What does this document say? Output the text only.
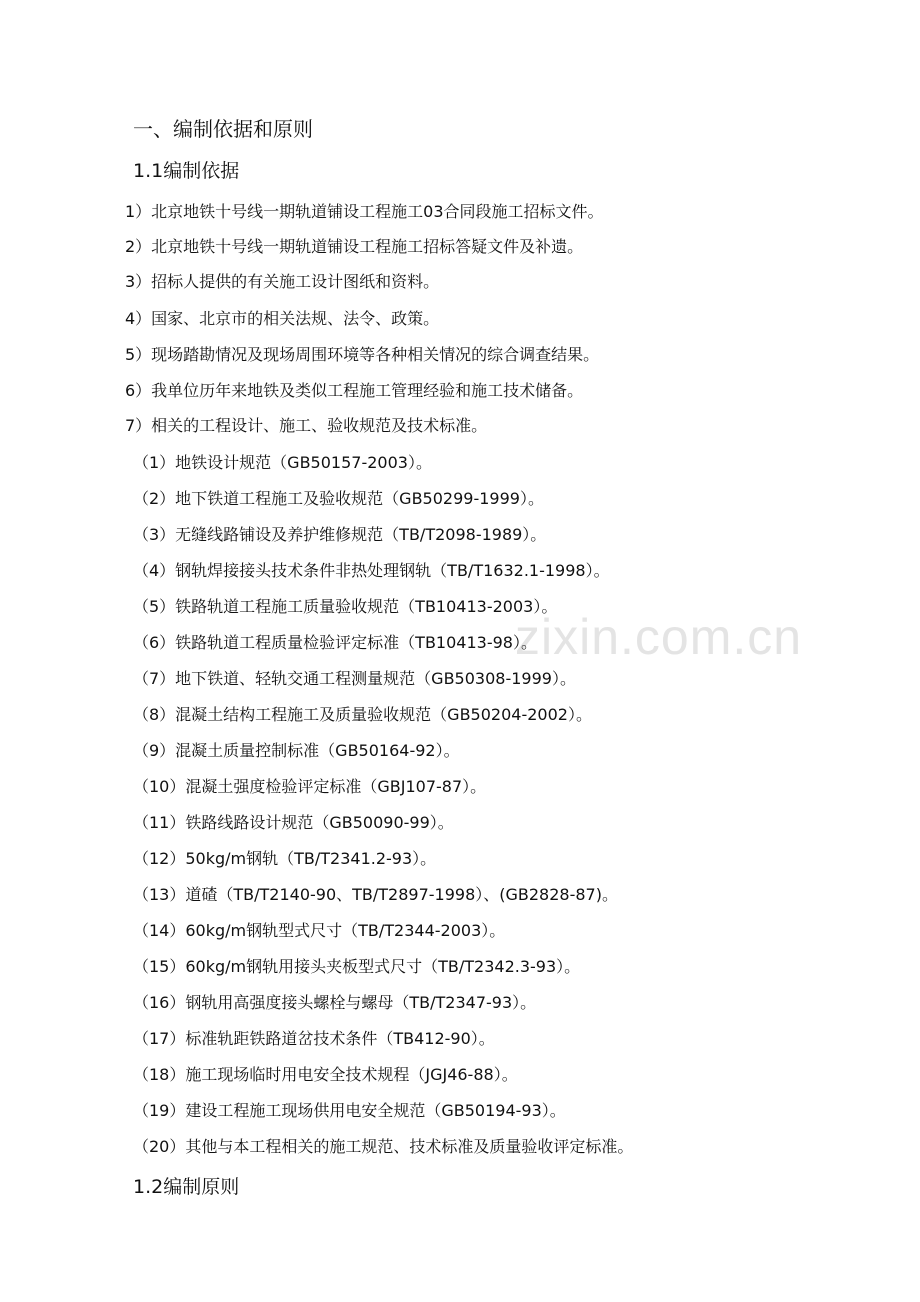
zixin.com.cn
一、编制依据和原则
1.1编制依据
1）北京地铁十号线一期轨道铺设工程施工03合同段施工招标文件。
2）北京地铁十号线一期轨道铺设工程施工招标答疑文件及补遗。
3）招标人提供的有关施工设计图纸和资料。
4）国家、北京市的相关法规、法令、政策。
5）现场踏勘情况及现场周围环境等各种相关情况的综合调查结果。
6）我单位历年来地铁及类似工程施工管理经验和施工技术储备。
7）相关的工程设计、施工、验收规范及技术标准。
（1）地铁设计规范（GB50157-2003）。
（2）地下铁道工程施工及验收规范（GB50299-1999）。
（3）无缝线路铺设及养护维修规范（TB/T2098-1989）。
（4）钢轨焊接接头技术条件非热处理钢轨（TB/T1632.1-1998）。
（5）铁路轨道工程施工质量验收规范（TB10413-2003）。
（6）铁路轨道工程质量检验评定标准（TB10413-98）。
（7）地下铁道、轻轨交通工程测量规范（GB50308-1999）。
（8）混凝土结构工程施工及质量验收规范（GB50204-2002）。
（9）混凝土质量控制标准（GB50164-92）。
（10）混凝土强度检验评定标准（GBJ107-87）。
（11）铁路线路设计规范（GB50090-99）。
（12）50kg/m钢轨（TB/T2341.2-93）。
（13）道碴（TB/T2140-90、TB/T2897-1998）、(GB2828-87)。
（14）60kg/m钢轨型式尺寸（TB/T2344-2003）。
（15）60kg/m钢轨用接头夹板型式尺寸（TB/T2342.3-93）。
（16）钢轨用高强度接头螺栓与螺母（TB/T2347-93）。
（17）标准轨距铁路道岔技术条件（TB412-90）。
（18）施工现场临时用电安全技术规程（JGJ46-88）。
（19）建设工程施工现场供用电安全规范（GB50194-93）。
（20）其他与本工程相关的施工规范、技术标准及质量验收评定标准。
1.2编制原则
